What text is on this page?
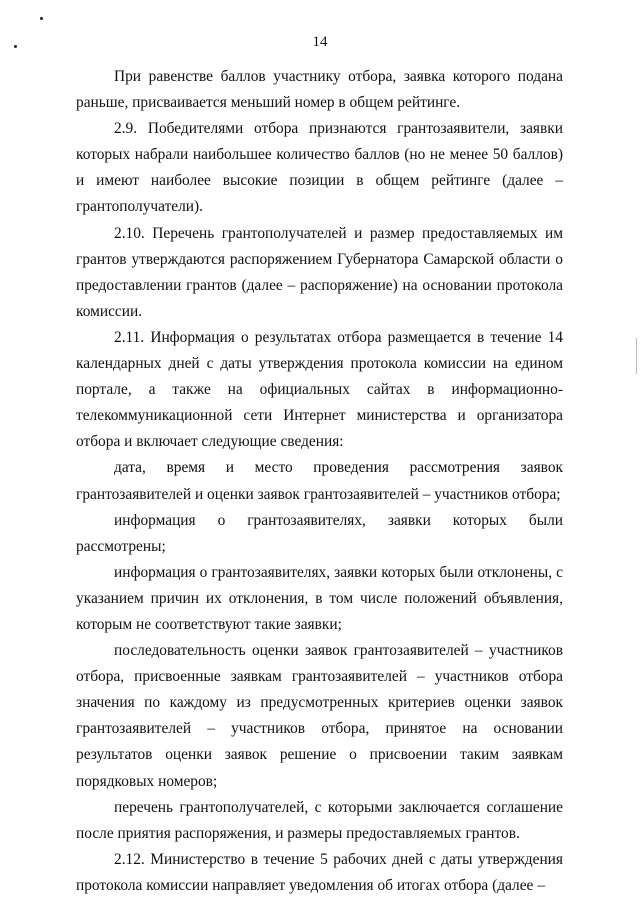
14

При равенстве баллов участнику отбора, заявка которого подана раньше, присваивается меньший номер в общем рейтинге.

2.9. Победителями отбора признаются грантозаявители, заявки которых набрали наибольшее количество баллов (но не менее 50 баллов) и имеют наиболее высокие позиции в общем рейтинге (далее – грантополучатели).

2.10. Перечень грантополучателей и размер предоставляемых им грантов утверждаются распоряжением Губернатора Самарской области о предоставлении грантов (далее – распоряжение) на основании протокола комиссии.

2.11. Информация о результатах отбора размещается в течение 14 календарных дней с даты утверждения протокола комиссии на едином портале, а также на официальных сайтах в информационно-телекоммуникационной сети Интернет министерства и организатора отбора и включает следующие сведения:

дата, время и место проведения рассмотрения заявок грантозаявителей и оценки заявок грантозаявителей – участников отбора;

информация о грантозаявителях, заявки которых были рассмотрены;

информация о грантозаявителях, заявки которых были отклонены, с указанием причин их отклонения, в том числе положений объявления, которым не соответствуют такие заявки;

последовательность оценки заявок грантозаявителей – участников отбора, присвоенные заявкам грантозаявителей – участников отбора значения по каждому из предусмотренных критериев оценки заявок грантозаявителей – участников отбора, принятое на основании результатов оценки заявок решение о присвоении таким заявкам порядковых номеров;

перечень грантополучателей, с которыми заключается соглашение после приятия распоряжения, и размеры предоставляемых грантов.

2.12. Министерство в течение 5 рабочих дней с даты утверждения протокола комиссии направляет уведомления об итогах отбора (далее –
